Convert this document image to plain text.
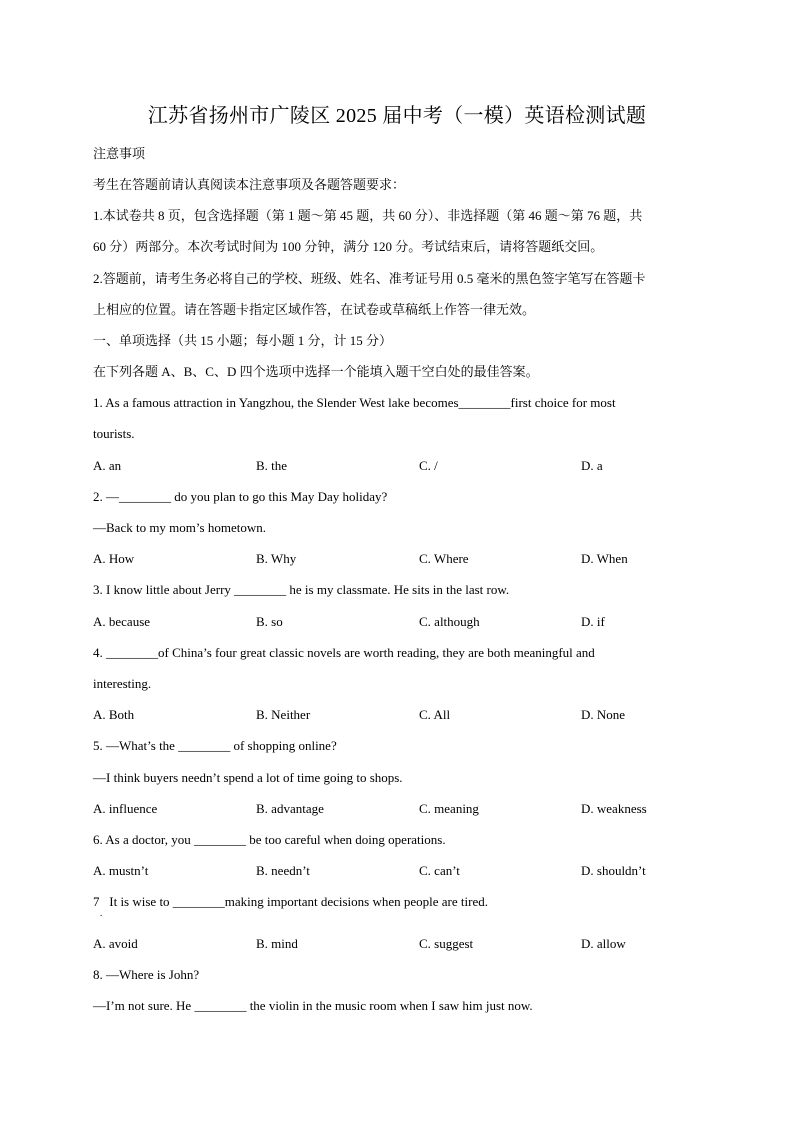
江苏省扬州市广陵区 2025 届中考（一模）英语检测试题
注意事项
考生在答题前请认真阅读本注意事项及各题答题要求：
1.本试卷共 8 页，包含选择题（第 1 题～第 45 题，共 60 分）、非选择题（第 46 题～第 76 题，共
60 分）两部分。本次考试时间为 100 分钟，满分 120 分。考试结束后，请将答题纸交回。
2.答题前，请考生务必将自己的学校、班级、姓名、准考证号用 0.5 毫米的黑色签字笔写在答题卡
上相应的位置。请在答题卡指定区域作答，在试卷或草稿纸上作答一律无效。
一、单项选择（共 15 小题；每小题 1 分，计 15 分）
在下列各题 A、B、C、D 四个选项中选择一个能填入题干空白处的最佳答案。
1. As a famous attraction in Yangzhou, the Slender West lake becomes________first choice for most
tourists.
A. an	B. the	C. /	D. a
2. —________ do you plan to go this May Day holiday?
—Back to my mom’s hometown.
A. How	B. Why	C. Where	D. When
3. I know little about Jerry ________ he is my classmate. He sits in the last row.
A. because	B. so	C. although	D. if
4. ________of China’s four great classic novels are worth reading, they are both meaningful and
interesting.
A. Both	B. Neither	C. All	D. None
5. —What’s the ________ of shopping online?
—I think buyers needn’t spend a lot of time going to shops.
A. influence	B. advantage	C. meaning	D. weakness
6. As a doctor, you ________ be too careful when doing operations.
A. mustn’t	B. needn’t	C. can’t	D. shouldn’t
7   It is wise to ________making important decisions when people are tired.
.
A. avoid	B. mind	C. suggest	D. allow
8. —Where is John?
—I’m not sure. He ________ the violin in the music room when I saw him just now.
